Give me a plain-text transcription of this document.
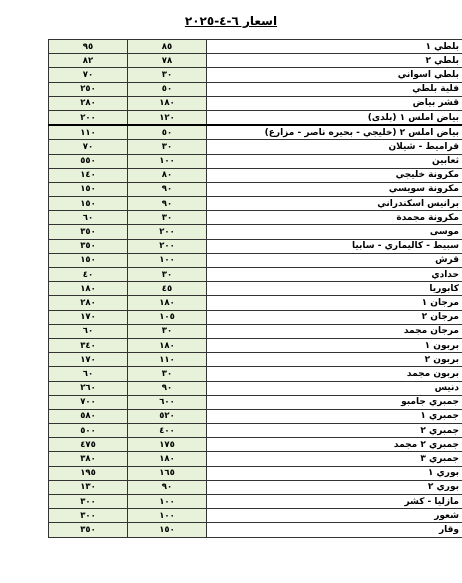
اسعار ٦-٤-٢٠٢٥
بلطي ١	٨٥	٩٥
بلطي ٢	٧٨	٨٢
بلطي اسواني	٣٠	٧٠
فلية بلطي	٥٠	٢٥٠
قشر بياض	١٨٠	٢٨٠
بياض املس ١ (بلدى)	١٢٠	٢٠٠
بياض املس ٢ (خليجي - بحيره ناصر - مزارع)	٥٠	١١٠
قراميط - شيلان	٣٠	٧٠
ثعابين	١٠٠	٥٥٠
مكرونة خليجي	٨٠	١٤٠
مكرونة سويسي	٩٠	١٥٠
برانيس اسكندراني	٩٠	١٥٠
مكرونة مجمدة	٣٠	٦٠
موسى	٢٠٠	٣٥٠
سبيط - كاليماري - سابيا	٢٠٠	٣٥٠
قرش	١٠٠	١٥٠
حدادي	٣٠	٤٠
كابوريا	٤٥	١٨٠
مرجان ١	١٨٠	٢٨٠
مرجان ٢	١٠٥	١٧٠
مرجان مجمد	٣٠	٦٠
بربون ١	١٨٠	٣٤٠
بربون ٢	١١٠	١٧٠
بربون مجمد	٣٠	٦٠
دنيس	٩٠	٢٦٠
جمبري جامبو	٦٠٠	٧٠٠
جمبري ١	٥٢٠	٥٨٠
جمبري ٢	٤٠٠	٥٠٠
جمبري ٢ مجمد	١٧٥	٤٧٥
جمبري ٣	١٨٠	٣٨٠
بوري ١	١٦٥	١٩٥
بوري ٢	٩٠	١٣٠
مازليا - كشر	١٠٠	٣٠٠
شعور	١٠٠	٣٠٠
وقار	١٥٠	٣٥٠
